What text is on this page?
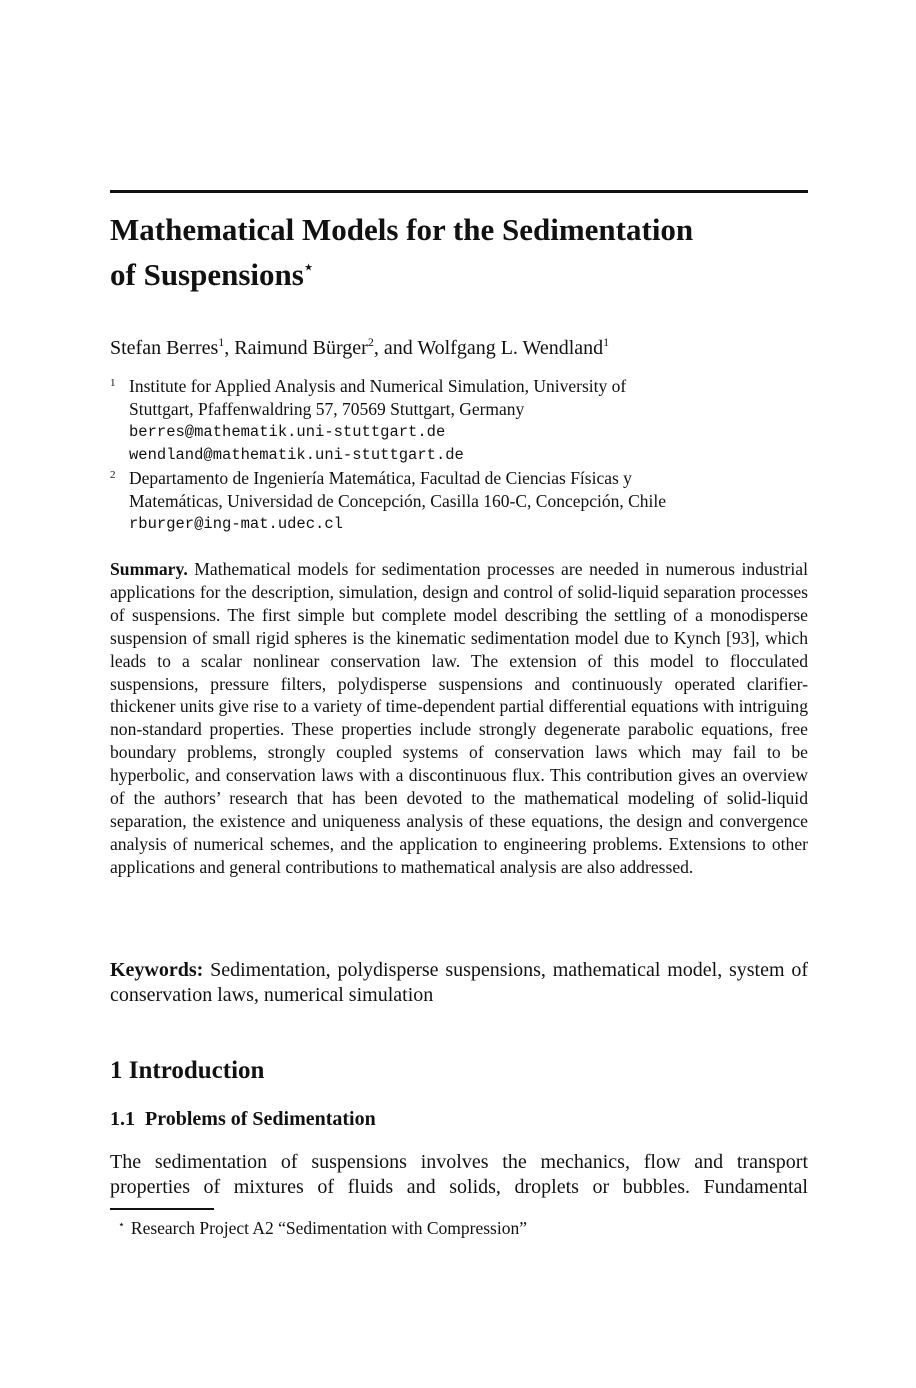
Mathematical Models for the Sedimentation
of Suspensions⋆
Stefan Berres$^1$, Raimund Bürger$^2$, and Wolfgang L. Wendland$^1$
1 Institute for Applied Analysis and Numerical Simulation, University of
Stuttgart, Pfaffenwaldring 57, 70569 Stuttgart, Germany
berres@mathematik.uni-stuttgart.de
wendland@mathematik.uni-stuttgart.de
2 Departamento de Ingeniería Matemática, Facultad de Ciencias Físicas y
Matemáticas, Universidad de Concepción, Casilla 160-C, Concepción, Chile
rburger@ing-mat.udec.cl
Summary. Mathematical models for sedimentation processes are needed in numerous industrial applications for the description, simulation, design and control of solid-liquid separation processes of suspensions. The first simple but complete model describing the settling of a monodisperse suspension of small rigid spheres is the kinematic sedimentation model due to Kynch [93], which leads to a scalar nonlinear conservation law. The extension of this model to flocculated suspensions, pressure filters, polydisperse suspensions and continuously operated clarifier-thickener units give rise to a variety of time-dependent partial differential equations with intriguing non-standard properties. These properties include strongly degenerate parabolic equations, free boundary problems, strongly coupled systems of conservation laws which may fail to be hyperbolic, and conservation laws with a discontinuous flux. This contribution gives an overview of the authors’ research that has been devoted to the mathematical modeling of solid-liquid separation, the existence and uniqueness analysis of these equations, the design and convergence analysis of numerical schemes, and the application to engineering problems. Extensions to other applications and general contributions to mathematical analysis are also addressed.
Keywords: Sedimentation, polydisperse suspensions, mathematical model, system of conservation laws, numerical simulation
1 Introduction
1.1 Problems of Sedimentation
The sedimentation of suspensions involves the mechanics, flow and transport
properties of mixtures of fluids and solids, droplets or bubbles. Fundamental
⋆ Research Project A2 “Sedimentation with Compression”
